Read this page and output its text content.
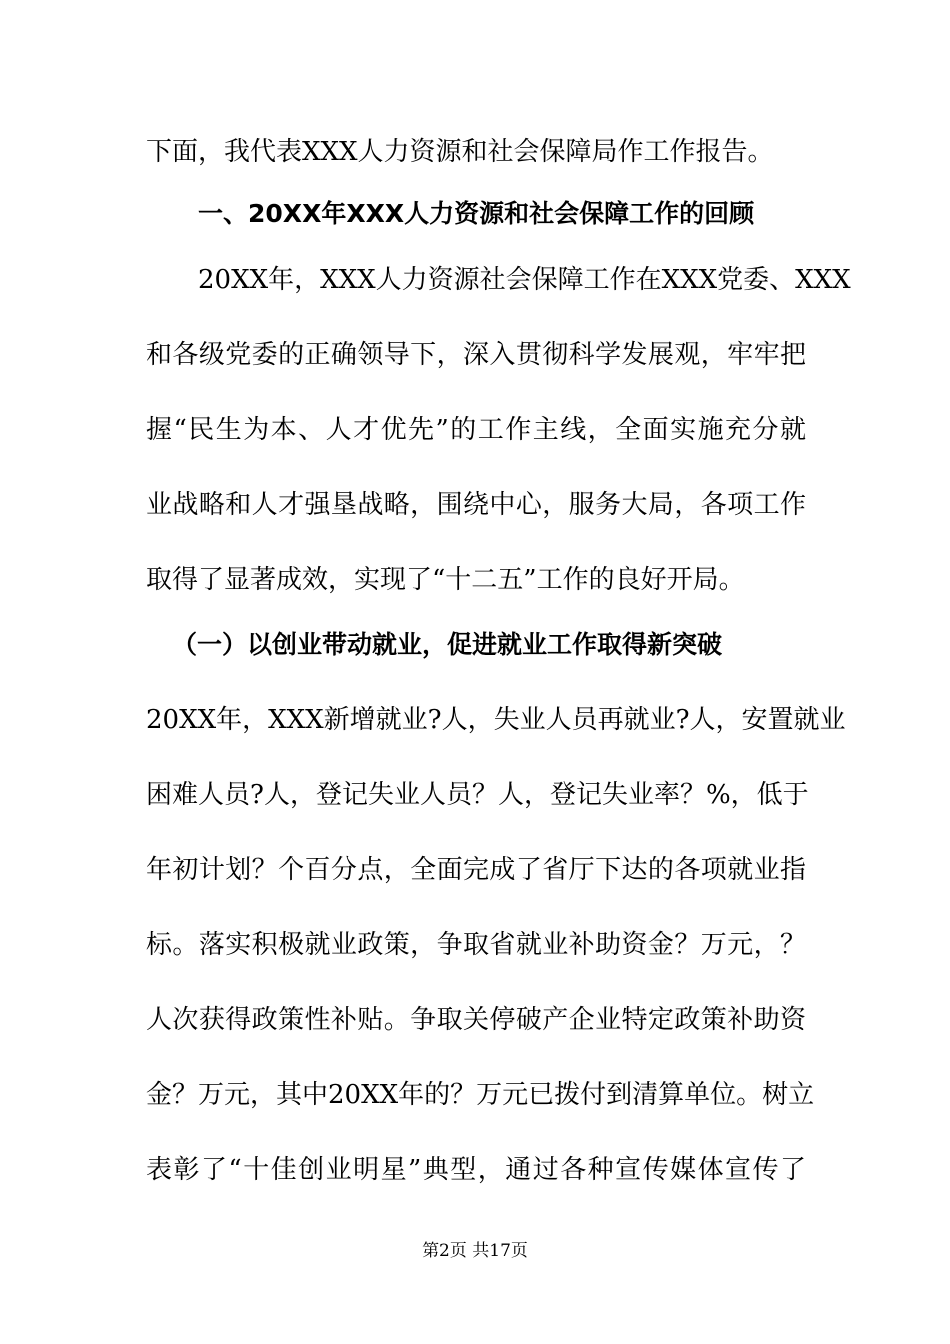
下面，我代表XXX人力资源和社会保障局作工作报告。
一、20XX年XXX人力资源和社会保障工作的回顾
20XX年，XXX人力资源社会保障工作在XXX党委、XXX
和各级党委的正确领导下，深入贯彻科学发展观，牢牢把
握“民生为本、人才优先”的工作主线，全面实施充分就
业战略和人才强垦战略，围绕中心，服务大局，各项工作
取得了显著成效，实现了“十二五”工作的良好开局。
（一）以创业带动就业，促进就业工作取得新突破
20XX年，XXX新增就业?人，失业人员再就业?人，安置就业
困难人员?人，登记失业人员？人，登记失业率？%，低于
年初计划？个百分点，全面完成了省厅下达的各项就业指
标。落实积极就业政策，争取省就业补助资金？万元，？
人次获得政策性补贴。争取关停破产企业特定政策补助资
金？万元，其中20XX年的？万元已拨付到清算单位。树立
表彰了“十佳创业明星”典型，通过各种宣传媒体宣传了
第2页 共17页
